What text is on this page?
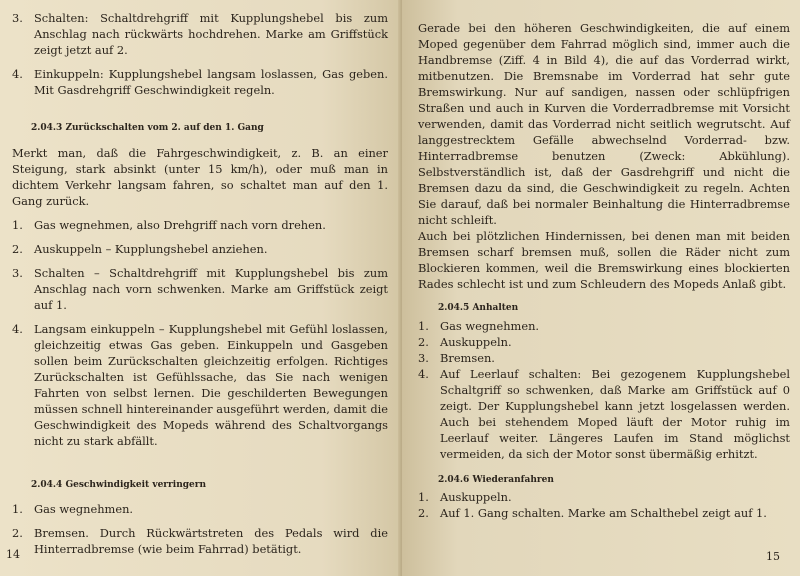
3. Schalten: Schaltdrehgriff mit Kupplungshebel bis zum Anschlag nach rückwärts hochdrehen. Marke am Griffstück zeigt jetzt auf 2.
4. Einkuppeln: Kupplungshebel langsam loslassen, Gas geben. Mit Gasdrehgriff Geschwindigkeit regeln.
2.04.3 Zurückschalten vom 2. auf den 1. Gang

Merkt man, daß die Fahrgeschwindigkeit, z. B. an einer Steigung, stark absinkt (unter 15 km/h), oder muß man in dichtem Verkehr langsam fahren, so schaltet man auf den 1. Gang zurück.

1. Gas wegnehmen, also Drehgriff nach vorn drehen.
2. Auskuppeln – Kupplungshebel anziehen.
3. Schalten – Schaltdrehgriff mit Kupplungshebel bis zum Anschlag nach vorn schwenken. Marke am Griffstück zeigt auf 1.
4. Langsam einkuppeln – Kupplungshebel mit Gefühl loslassen, gleichzeitig etwas Gas geben. Einkuppeln und Gasgeben sollen beim Zurückschalten gleichzeitig erfolgen. Richtiges Zurückschalten ist Gefühlssache, das Sie nach wenigen Fahrten von selbst lernen. Die geschilderten Bewegungen müssen schnell hintereinander ausgeführt werden, damit die Geschwindigkeit des Mopeds während des Schaltvorgangs nicht zu stark abfällt.
2.04.4 Geschwindigkeit verringern
1. Gas wegnehmen.
2. Bremsen. Durch Rückwärtstreten des Pedals wird die Hinterradbremse (wie beim Fahrrad) betätigt.
14

Gerade bei den höheren Geschwindigkeiten, die auf einem Moped gegenüber dem Fahrrad möglich sind, immer auch die Handbremse (Ziff. 4 in Bild 4), die auf das Vorderrad wirkt, mitbenutzen. Die Bremsnabe im Vorderrad hat sehr gute Bremswirkung. Nur auf sandigen, nassen oder schlüpfrigen Straßen und auch in Kurven die Vorderradbremse mit Vorsicht verwenden, damit das Vorderrad nicht seitlich wegrutscht. Auf langgestrecktem Gefälle abwechselnd Vorderrad- bzw. Hinterradbremse benutzen (Zweck: Abkühlung). Selbstverständlich ist, daß der Gasdrehgriff und nicht die Bremsen dazu da sind, die Geschwindigkeit zu regeln. Achten Sie darauf, daß bei normaler Beinhaltung die Hinterradbremse nicht schleift.

Auch bei plötzlichen Hindernissen, bei denen man mit beiden Bremsen scharf bremsen muß, sollen die Räder nicht zum Blockieren kommen, weil die Bremswirkung eines blockierten Rades schlecht ist und zum Schleudern des Mopeds Anlaß gibt.

2.04.5 Anhalten
1. Gas wegnehmen.
2. Auskuppeln.
3. Bremsen.
4. Auf Leerlauf schalten: Bei gezogenem Kupplungshebel Schaltgriff so schwenken, daß Marke am Griffstück auf 0 zeigt. Der Kupplungshebel kann jetzt losgelassen werden. Auch bei stehendem Moped läuft der Motor ruhig im Leerlauf weiter. Längeres Laufen im Stand möglichst vermeiden, da sich der Motor sonst übermäßig erhitzt.
2.04.6 Wiederanfahren
1. Auskuppeln.
2. Auf 1. Gang schalten. Marke am Schalthebel zeigt auf 1.
15
